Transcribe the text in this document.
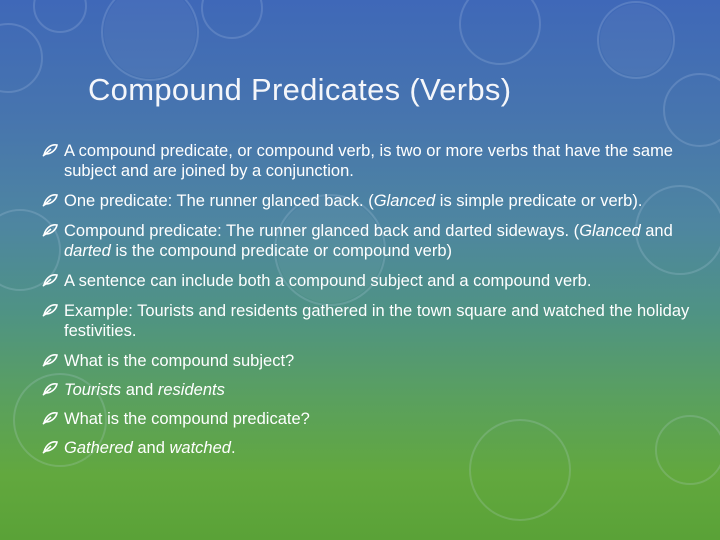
Compound Predicates (Verbs)
A compound predicate, or compound verb, is two or more verbs that have the same subject and are joined by a conjunction.
One predicate: The runner glanced back. (Glanced is simple predicate or verb).
Compound predicate: The runner glanced back and darted sideways. (Glanced and darted is the compound predicate or compound verb)
A sentence can include both a compound subject and a compound verb.
Example: Tourists and residents gathered in the town square and watched the holiday festivities.
What is the compound subject?
Tourists and residents
What is the compound predicate?
Gathered and watched.
